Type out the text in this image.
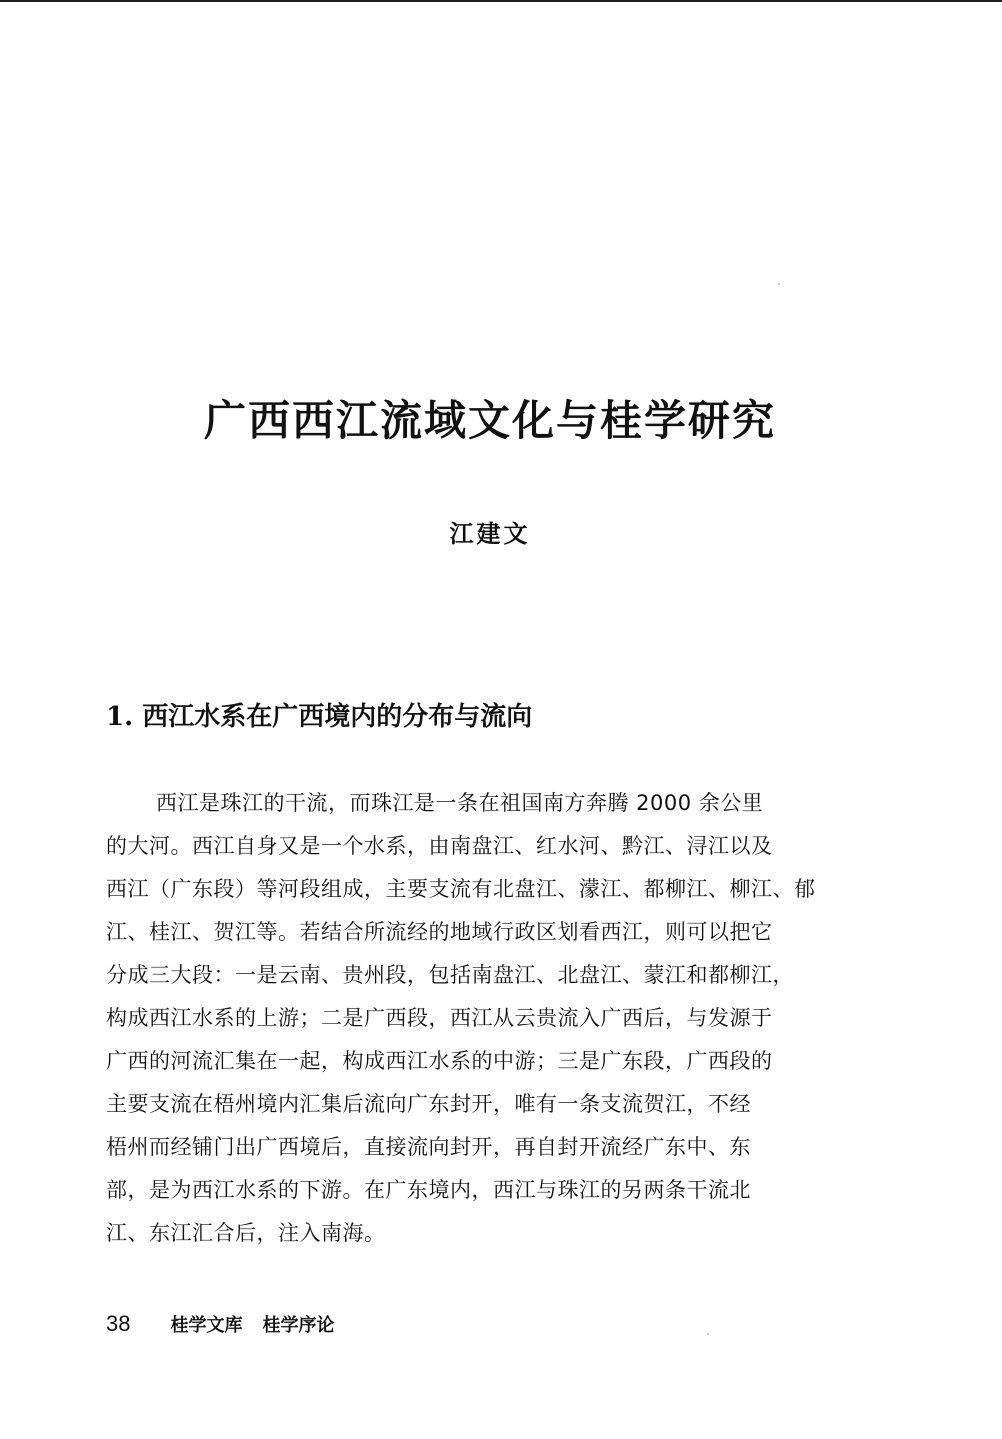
广西西江流域文化与桂学研究
江建文
1. 西江水系在广西境内的分布与流向
西江是珠江的干流，而珠江是一条在祖国南方奔腾 2000 余公里
的大河。西江自身又是一个水系，由南盘江、红水河、黔江、浔江以及
西江（广东段）等河段组成，主要支流有北盘江、濛江、都柳江、柳江、郁
江、桂江、贺江等。若结合所流经的地域行政区划看西江，则可以把它
分成三大段：一是云南、贵州段，包括南盘江、北盘江、蒙江和都柳江，
构成西江水系的上游；二是广西段，西江从云贵流入广西后，与发源于
广西的河流汇集在一起，构成西江水系的中游；三是广东段，广西段的
主要支流在梧州境内汇集后流向广东封开，唯有一条支流贺江，不经
梧州而经铺门出广西境后，直接流向封开，再自封开流经广东中、东
部，是为西江水系的下游。在广东境内，西江与珠江的另两条干流北
江、东江汇合后，注入南海。
38 桂学文库 桂学序论
